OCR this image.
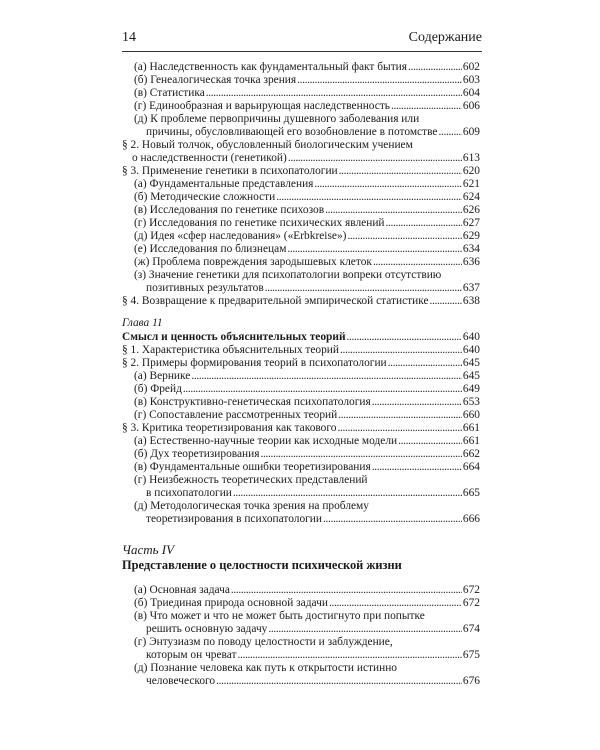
14	Содержание
(а) Наследственность как фундаментальный факт бытия . . .	602
(б) Генеалогическая точка зрения . . .	603
(в) Статистика . . .	604
(г) Единообразная и варьирующая наследственность . . .	606
(д) К проблеме первопричины душевного заболевания или
причины, обусловливающей его возобновление в потомстве . . . 609
§ 2. Новый толчок, обусловленный биологическим учением
о наследственности (генетикой) . . .	613
§ 3. Применение генетики в психопатологии . . .	620
(а) Фундаментальные представления . . .	621
(б) Методические сложности . . .	624
(в) Исследования по генетике психозов . . .	626
(г) Исследования по генетике психических явлений . . .	627
(д) Идея «сфер наследования» («Erbkreise») . . .	629
(е) Исследования по близнецам . . .	634
(ж) Проблема повреждения зародышевых клеток . . .	636
(з) Значение генетики для психопатологии вопреки отсутствию
позитивных результатов . . .	637
§ 4. Возвращение к предварительной эмпирической статистике . . .	638
Глава 11
Смысл и ценность объяснительных теорий . . .	640
§ 1. Характеристика объяснительных теорий . . .	640
§ 2. Примеры формирования теорий в психопатологии . . .	645
(а) Вернике . . .	645
(б) Фрейд . . .	649
(в) Конструктивно-генетическая психопатология . . .	653
(г) Сопоставление рассмотренных теорий . . .	660
§ 3. Критика теоретизирования как такового . . .	661
(а) Естественно-научные теории как исходные модели . . .	661
(б) Дух теоретизирования . . .	662
(в) Фундаментальные ошибки теоретизирования . . .	664
(г) Неизбежность теоретических представлений
в психопатологии . . .	665
(д) Методологическая точка зрения на проблему
теоретизирования в психопатологии . . .	666
Часть IV
Представление о целостности психической жизни
(а) Основная задача . . .	672
(б) Триединая природа основной задачи . . .	672
(в) Что может и что не может быть достигнуто при попытке
решить основную задачу . . .	674
(г) Энтузиазм по поводу целостности и заблуждение,
которым он чреват . . .	675
(д) Познание человека как путь к открытости истинно
человеческого . . .	676
